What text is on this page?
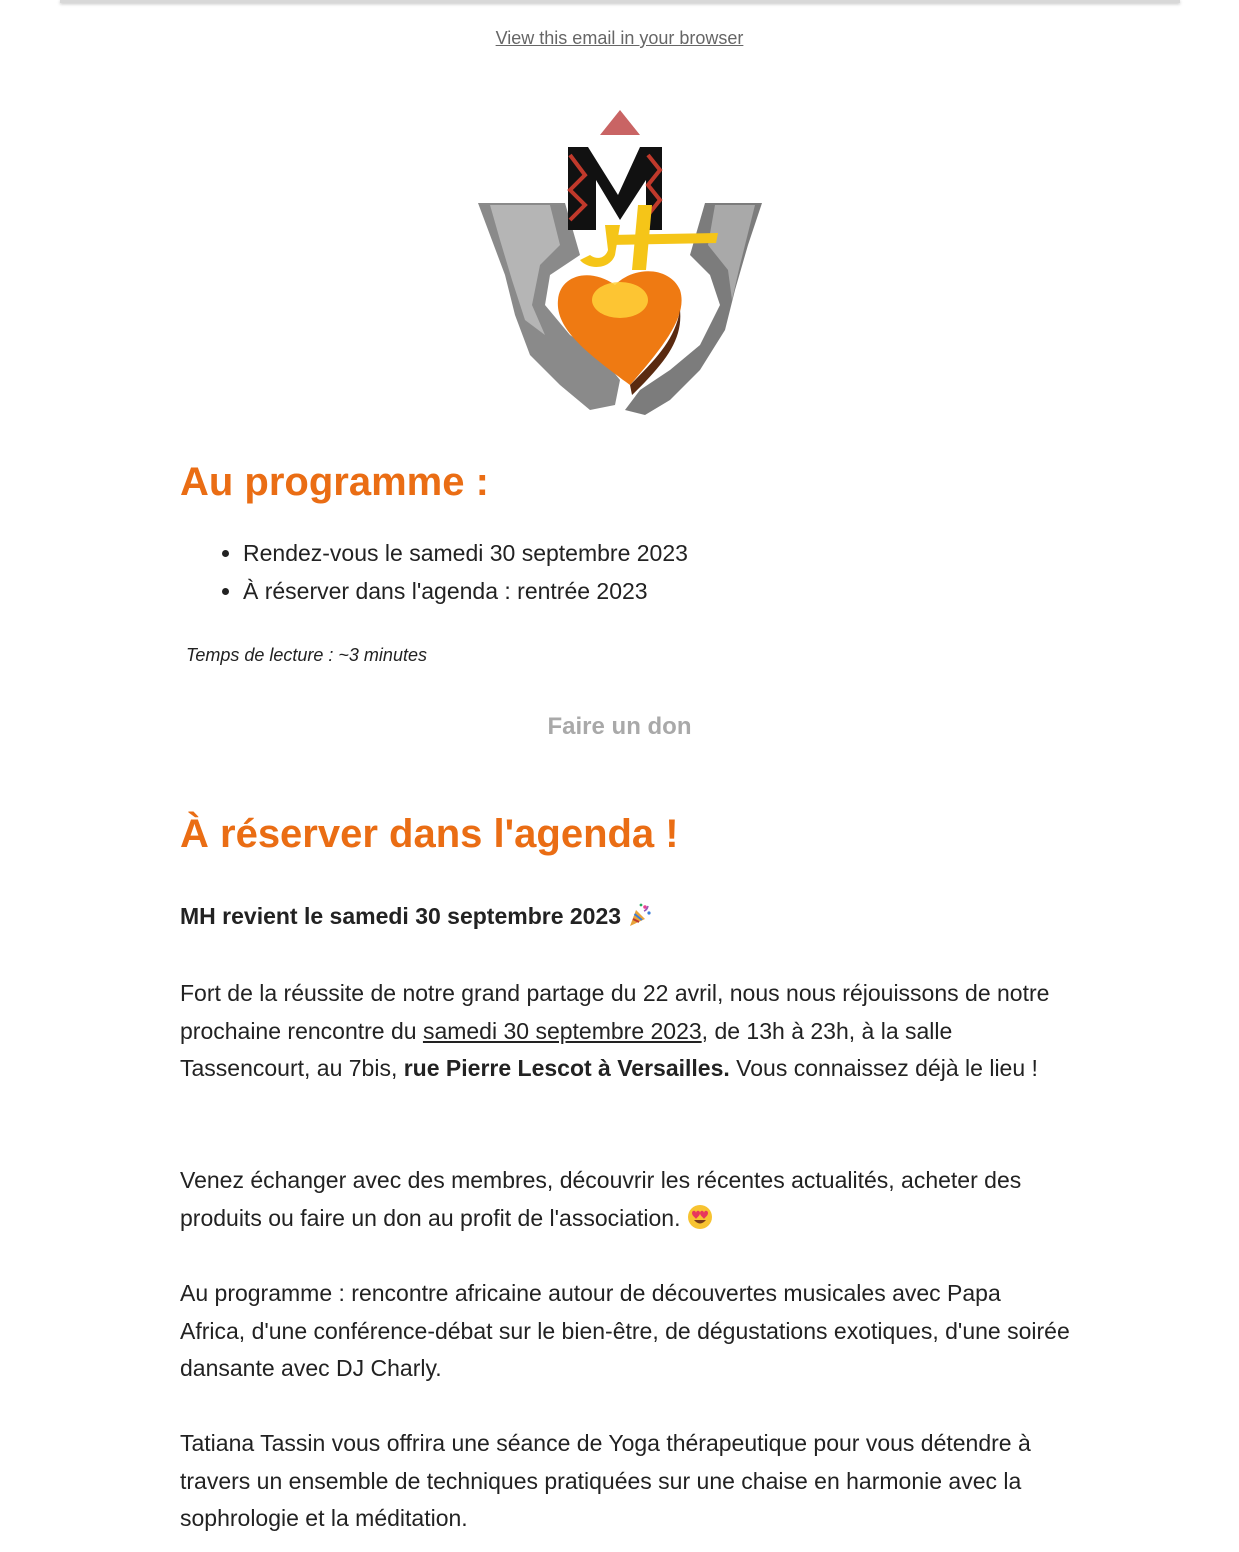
View this email in your browser
Au programme :
• Rendez-vous le samedi 30 septembre 2023
• À réserver dans l'agenda : rentrée 2023
Temps de lecture : ~3 minutes
Faire un don
À réserver dans l'agenda !

MH revient le samedi 30 septembre 2023

Fort de la réussite de notre grand partage du 22 avril, nous nous réjouissons de notre prochaine rencontre du samedi 30 septembre 2023, de 13h à 23h, à la salle Tassencourt, au 7bis, rue Pierre Lescot à Versailles. Vous connaissez déjà le lieu !

Venez échanger avec des membres, découvrir les récentes actualités, acheter des produits ou faire un don au profit de l'association.

Au programme : rencontre africaine autour de découvertes musicales avec Papa Africa, d'une conférence-débat sur le bien-être, de dégustations exotiques, d'une soirée dansante avec DJ Charly.

Tatiana Tassin vous offrira une séance de Yoga thérapeutique pour vous détendre à travers un ensemble de techniques pratiquées sur une chaise en harmonie avec la sophrologie et la méditation.
